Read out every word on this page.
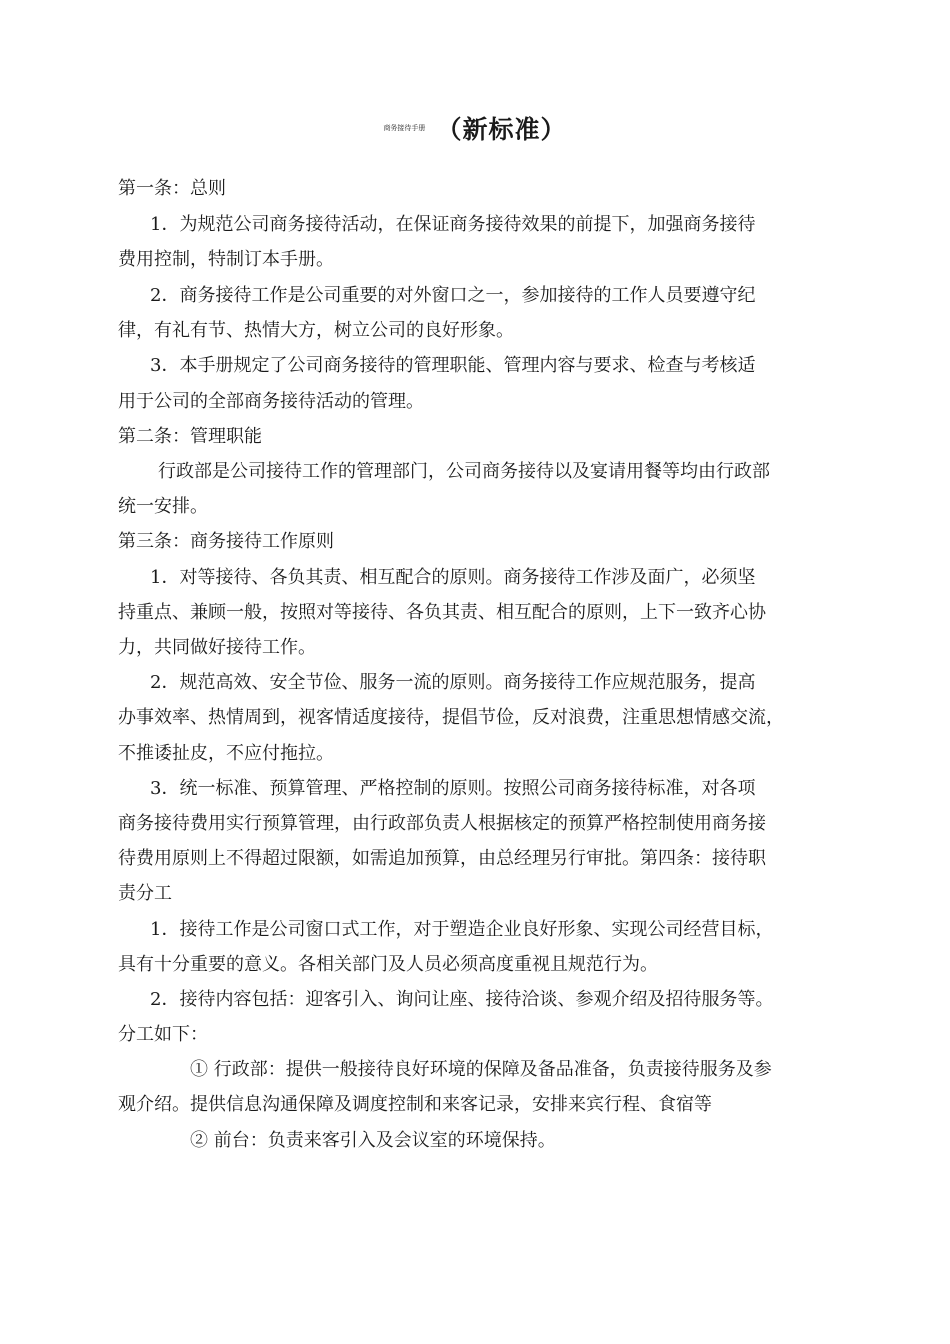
商务接待手册 （新标准）
第一条：总则
1．为规范公司商务接待活动，在保证商务接待效果的前提下，加强商务接待
费用控制，特制订本手册。
2．商务接待工作是公司重要的对外窗口之一，参加接待的工作人员要遵守纪
律，有礼有节、热情大方，树立公司的良好形象。
3．本手册规定了公司商务接待的管理职能、管理内容与要求、检查与考核适
用于公司的全部商务接待活动的管理。
第二条：管理职能
行政部是公司接待工作的管理部门，公司商务接待以及宴请用餐等均由行政部
统一安排。
第三条：商务接待工作原则
1．对等接待、各负其责、相互配合的原则。商务接待工作涉及面广，必须坚
持重点、兼顾一般，按照对等接待、各负其责、相互配合的原则，上下一致齐心协
力，共同做好接待工作。
2．规范高效、安全节俭、服务一流的原则。商务接待工作应规范服务，提高
办事效率、热情周到，视客情适度接待，提倡节俭，反对浪费，注重思想情感交流，
不推诿扯皮，不应付拖拉。
3．统一标准、预算管理、严格控制的原则。按照公司商务接待标准，对各项
商务接待费用实行预算管理，由行政部负责人根据核定的预算严格控制使用商务接
待费用原则上不得超过限额，如需追加预算，由总经理另行审批。第四条：接待职
责分工
1．接待工作是公司窗口式工作，对于塑造企业良好形象、实现公司经营目标，
具有十分重要的意义。各相关部门及人员必须高度重视且规范行为。
2．接待内容包括：迎客引入、询问让座、接待洽谈、参观介绍及招待服务等。
分工如下：
① 行政部：提供一般接待良好环境的保障及备品准备，负责接待服务及参
观介绍。提供信息沟通保障及调度控制和来客记录，安排来宾行程、食宿等
② 前台：负责来客引入及会议室的环境保持。
